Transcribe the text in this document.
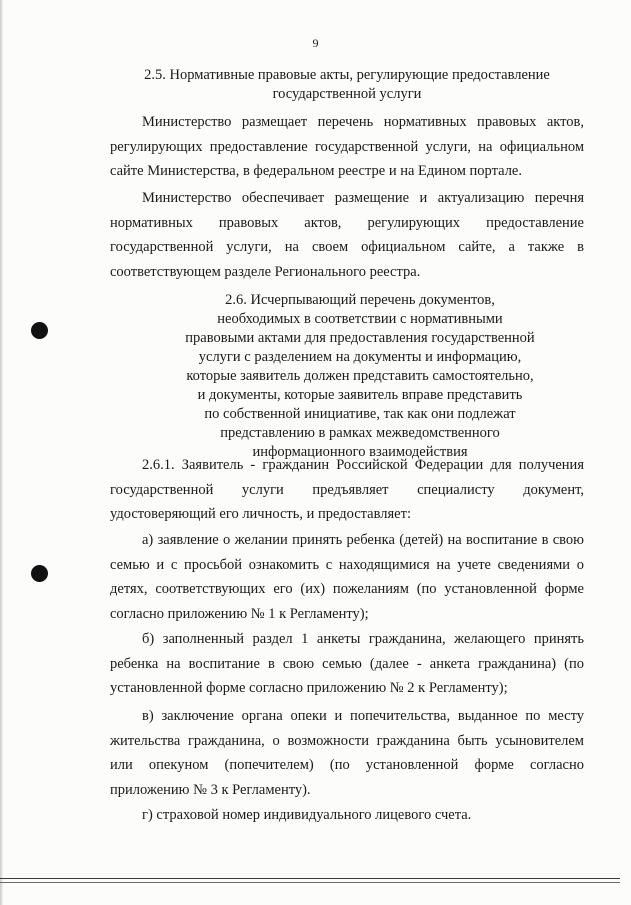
9
2.5. Нормативные правовые акты, регулирующие предоставление
государственной услуги
Министерство размещает перечень нормативных правовых актов, регулирующих предоставление государственной услуги, на официальном сайте Министерства, в федеральном реестре и на Едином портале.
Министерство обеспечивает размещение и актуализацию перечня нормативных правовых актов, регулирующих предоставление государственной услуги, на своем официальном сайте, а также в соответствующем разделе Регионального реестра.
2.6. Исчерпывающий перечень документов,
необходимых в соответствии с нормативными
правовыми актами для предоставления государственной
услуги с разделением на документы и информацию,
которые заявитель должен представить самостоятельно,
и документы, которые заявитель вправе представить
по собственной инициативе, так как они подлежат
представлению в рамках межведомственного
информационного взаимодействия
2.6.1. Заявитель - гражданин Российской Федерации для получения государственной услуги предъявляет специалисту документ, удостоверяющий его личность, и предоставляет:
а) заявление о желании принять ребенка (детей) на воспитание в свою семью и с просьбой ознакомить с находящимися на учете сведениями о детях, соответствующих его (их) пожеланиям (по установленной форме согласно приложению № 1 к Регламенту);
б) заполненный раздел 1 анкеты гражданина, желающего принять ребенка на воспитание в свою семью (далее - анкета гражданина) (по установленной форме согласно приложению № 2 к Регламенту);
в) заключение органа опеки и попечительства, выданное по месту жительства гражданина, о возможности гражданина быть усыновителем или опекуном (попечителем) (по установленной форме согласно приложению № 3 к Регламенту).
г) страховой номер индивидуального лицевого счета.
